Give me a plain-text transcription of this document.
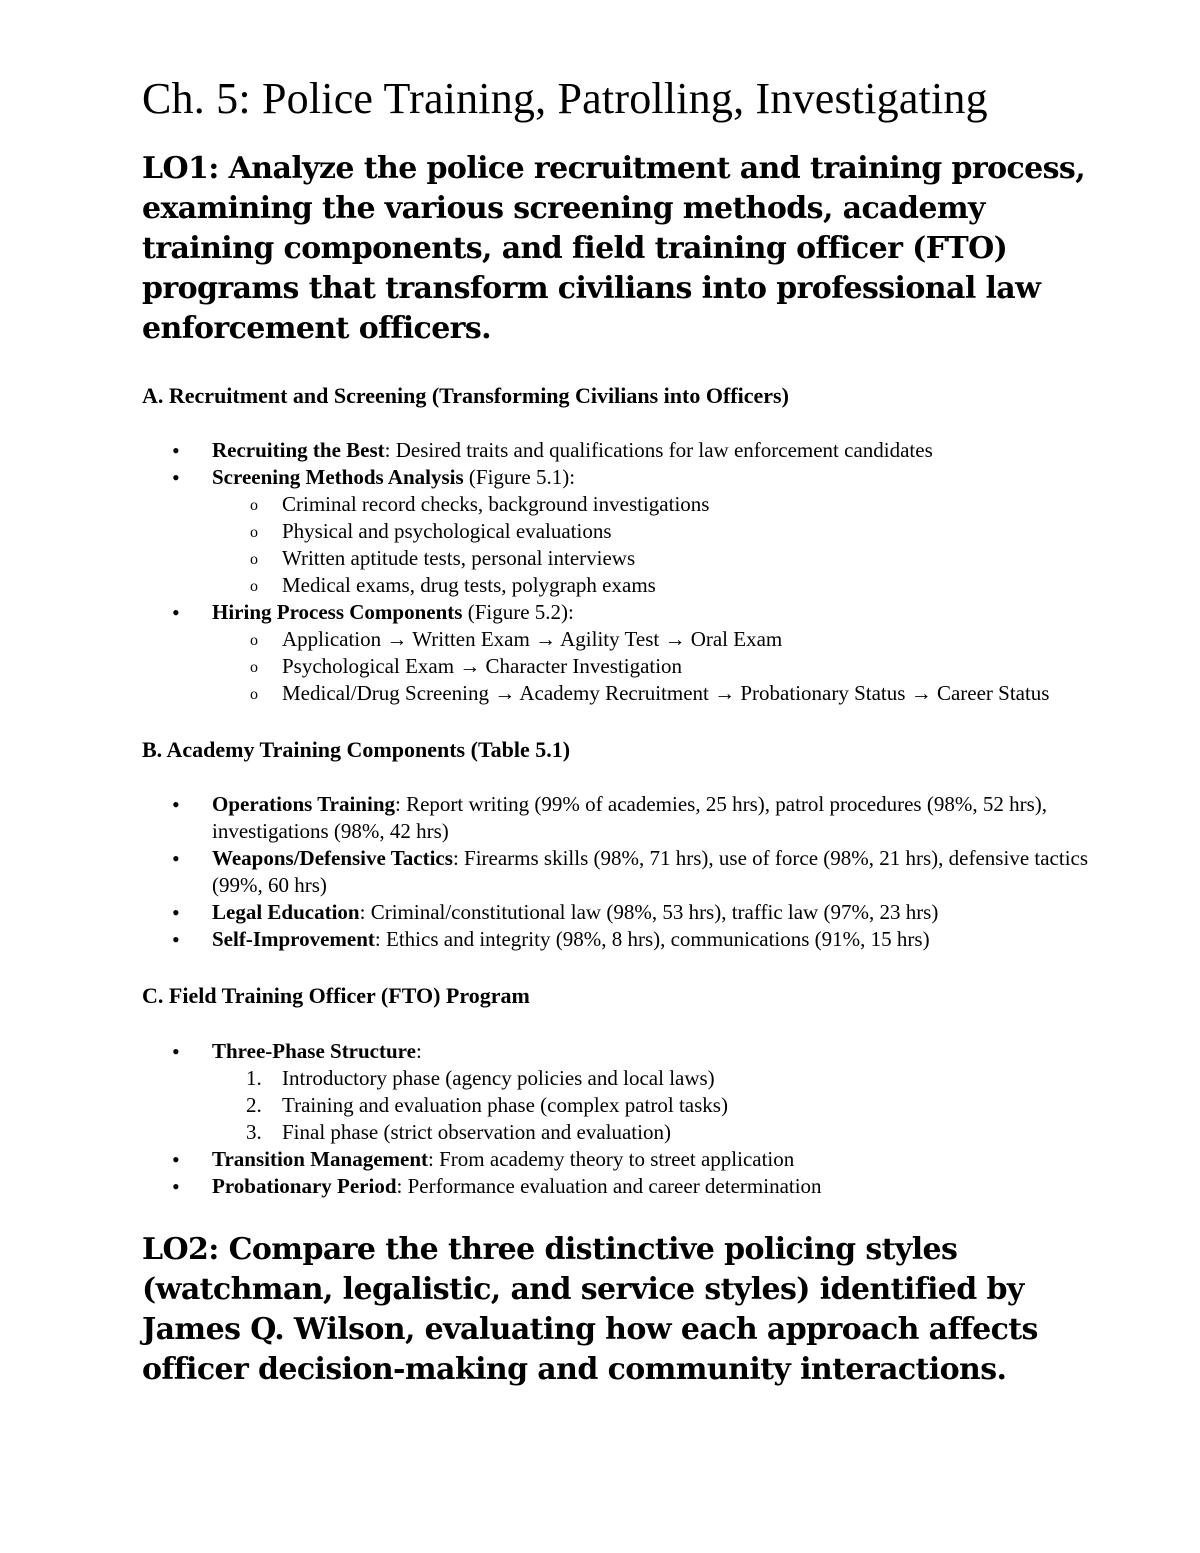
Ch. 5: Police Training, Patrolling, Investigating
LO1: Analyze the police recruitment and training process, examining the various screening methods, academy training components, and field training officer (FTO) programs that transform civilians into professional law enforcement officers.
A. Recruitment and Screening (Transforming Civilians into Officers)
• Recruiting the Best: Desired traits and qualifications for law enforcement candidates
• Screening Methods Analysis (Figure 5.1):
o Criminal record checks, background investigations
o Physical and psychological evaluations
o Written aptitude tests, personal interviews
o Medical exams, drug tests, polygraph exams
• Hiring Process Components (Figure 5.2):
o Application → Written Exam → Agility Test → Oral Exam
o Psychological Exam → Character Investigation
o Medical/Drug Screening → Academy Recruitment → Probationary Status → Career Status
B. Academy Training Components (Table 5.1)
• Operations Training: Report writing (99% of academies, 25 hrs), patrol procedures (98%, 52 hrs), investigations (98%, 42 hrs)
• Weapons/Defensive Tactics: Firearms skills (98%, 71 hrs), use of force (98%, 21 hrs), defensive tactics (99%, 60 hrs)
• Legal Education: Criminal/constitutional law (98%, 53 hrs), traffic law (97%, 23 hrs)
• Self-Improvement: Ethics and integrity (98%, 8 hrs), communications (91%, 15 hrs)
C. Field Training Officer (FTO) Program
• Three-Phase Structure:
1. Introductory phase (agency policies and local laws)
2. Training and evaluation phase (complex patrol tasks)
3. Final phase (strict observation and evaluation)
• Transition Management: From academy theory to street application
• Probationary Period: Performance evaluation and career determination
LO2: Compare the three distinctive policing styles (watchman, legalistic, and service styles) identified by James Q. Wilson, evaluating how each approach affects officer decision-making and community interactions.
